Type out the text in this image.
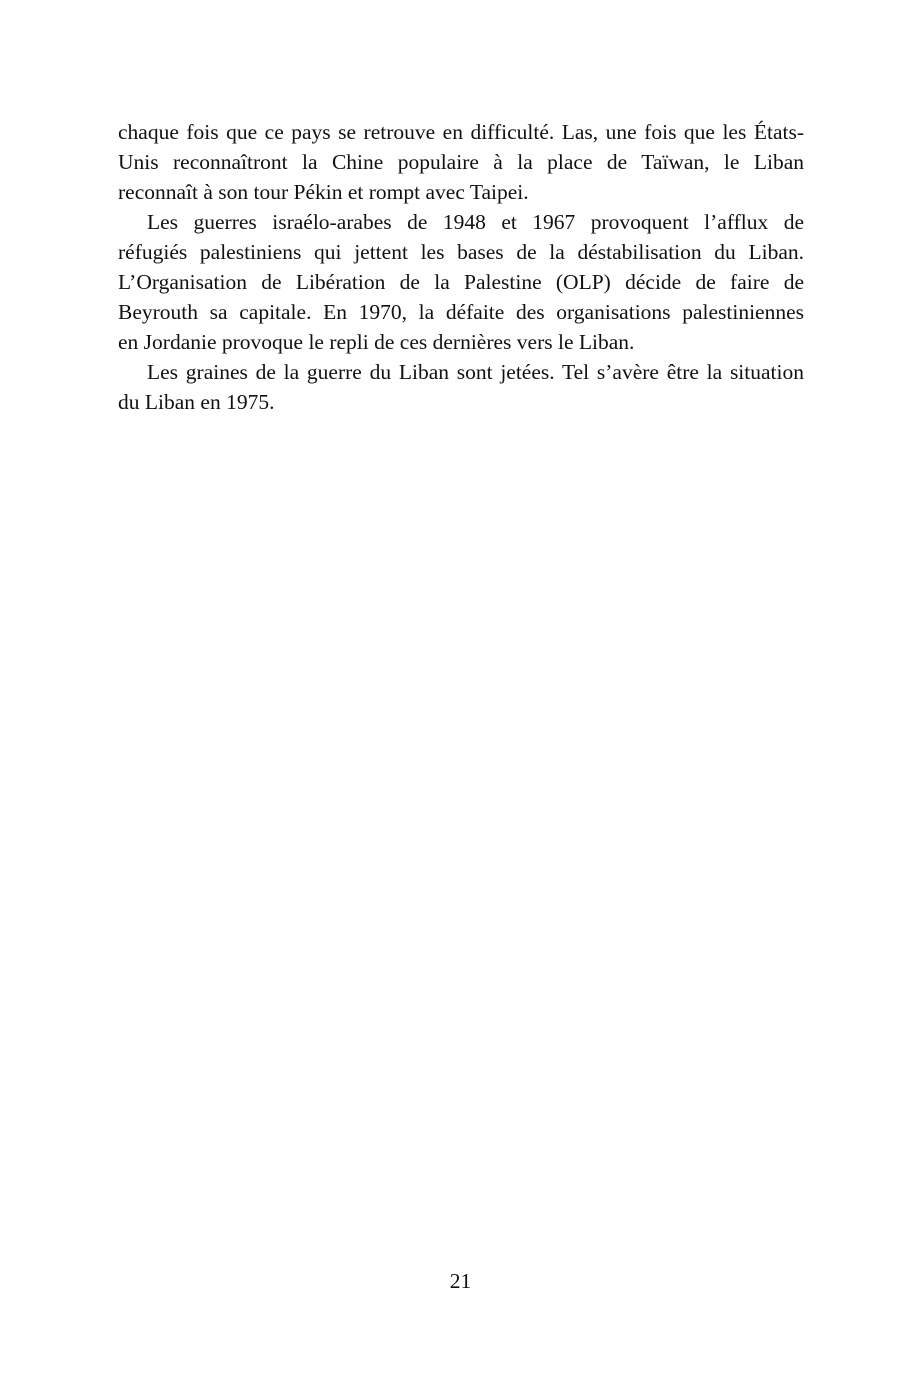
chaque fois que ce pays se retrouve en difficulté. Las, une fois que les États-
Unis reconnaîtront la Chine populaire à la place de Taïwan, le Liban
reconnaît à son tour Pékin et rompt avec Taipei.
Les guerres israélo-arabes de 1948 et 1967 provoquent l’afflux de
réfugiés palestiniens qui jettent les bases de la déstabilisation du Liban.
L’Organisation de Libération de la Palestine (OLP) décide de faire de
Beyrouth sa capitale. En 1970, la défaite des organisations palestiniennes
en Jordanie provoque le repli de ces dernières vers le Liban.
Les graines de la guerre du Liban sont jetées. Tel s’avère être la situation
du Liban en 1975.
21
